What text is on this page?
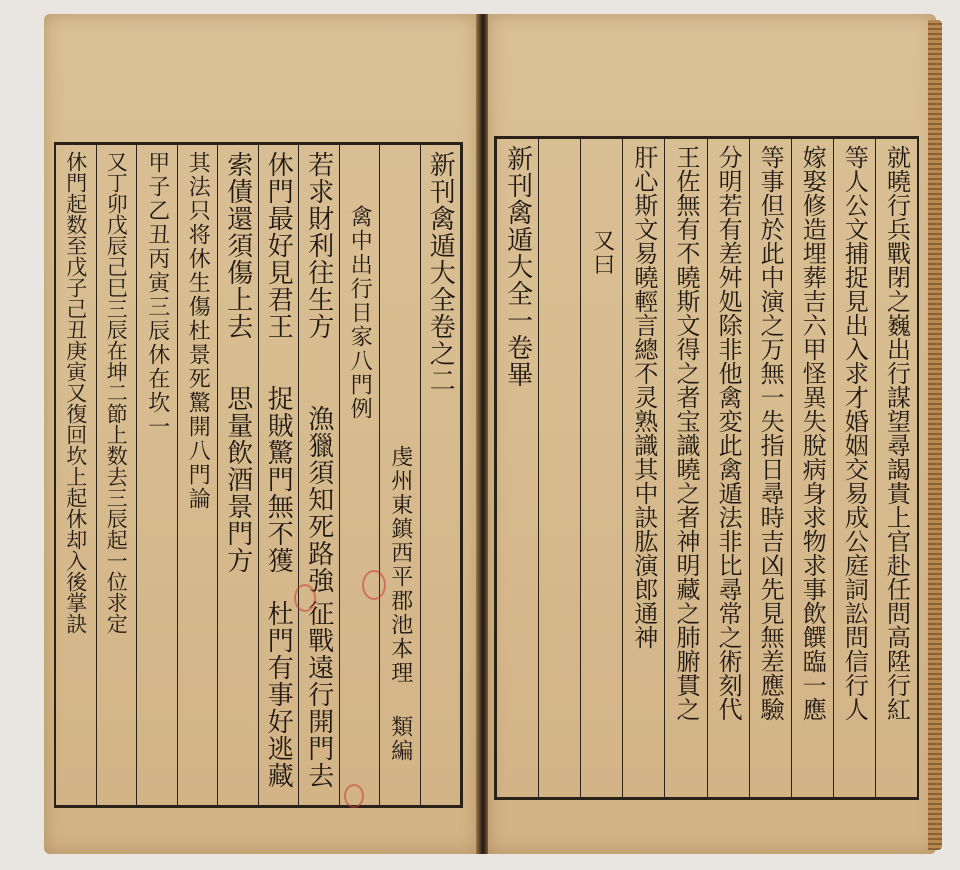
新刊禽遁大全卷之二
虔州東鎮西平郡池本理
類編
禽中出行日家八門例
若求財利往生方
漁獵須知死路強
征戰遠行開門去
休門最好見君王
捉賊驚門無不獲
杜門有事好逃藏
索債還須傷上去
思量飲酒景門方
其法只将休生傷杜景死驚開八門論
甲子乙丑丙寅三辰休在坎一
又丁卯戊辰己巳三辰在坤二節上数去三辰起一位求定
休門起数至戊子己丑庚寅又復回坎上起休却入後掌訣	就曉行兵戰閉之巍出行謀望尋謁貴上官赴任問高陞行紅
等人公文捕捉見出入求才婚姻交易成公庭詞訟問信行人
嫁娶修造埋葬吉六甲怪異失脫病身求物求事飲饌臨一應
等事但於此中演之万無一失指日尋時吉凶先見無差應驗
分明若有差舛処除非他禽変此禽遁法非比尋常之術刻代
王佐無有不曉斯文得之者宝識曉之者神明藏之肺腑貫之
肝心斯文易曉輕言總不灵熟識其中訣肱演郎通神
又曰
新刊禽遁大全一卷畢
